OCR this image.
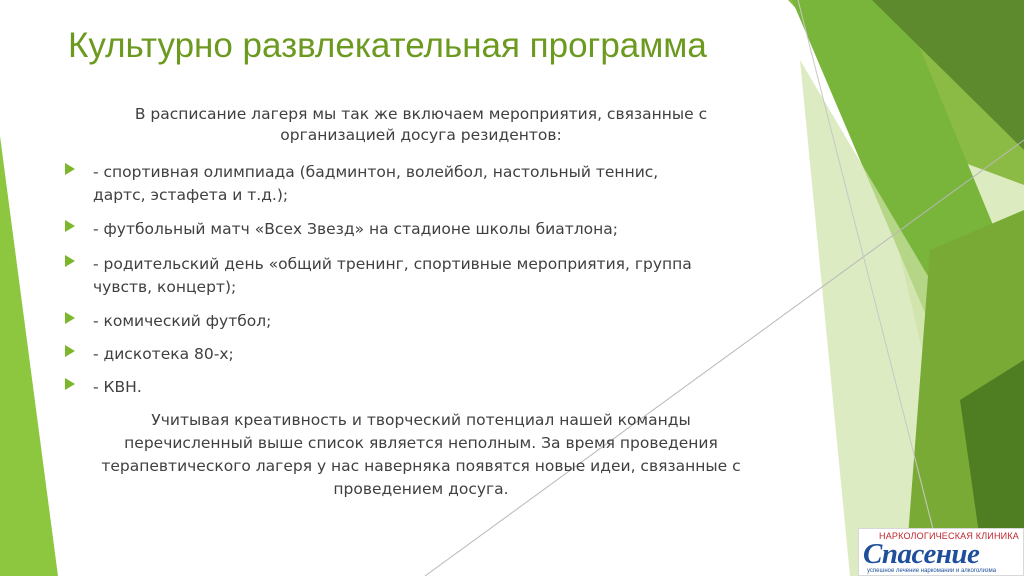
Культурно развлекательная программа
В расписание лагеря мы так же включаем мероприятия, связанные с
организацией досуга резидентов:
- спортивная олимпиада (бадминтон, волейбол, настольный теннис,
дартс, эстафета и т.д.);
- футбольный матч «Всех Звезд» на стадионе школы биатлона;
- родительский день «общий тренинг, спортивные мероприятия, группа
чувств, концерт);
- комический футбол;
- дискотека 80-х;
- КВН.
Учитывая креативность и творческий потенциал нашей команды
перечисленный выше список является неполным. За время проведения
терапевтического лагеря у нас наверняка появятся новые идеи, связанные с
проведением досуга.
НАРКОЛОГИЧЕСКАЯ КЛИНИКА
Спасение
успешное лечение наркомании и алкоголизма
